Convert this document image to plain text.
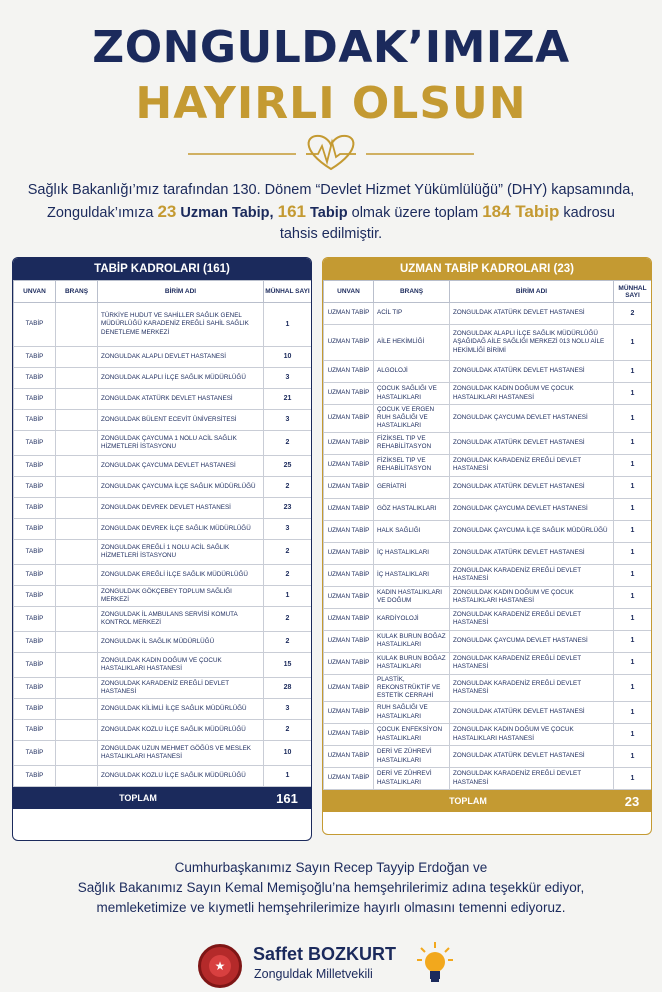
ZONGULDAK’IMIZA
HAYIRLI OLSUN
Sağlık Bakanlığı’mız tarafından 130. Dönem “Devlet Hizmet Yükümlülüğü” (DHY) kapsamında,
Zonguldak’ımıza 23 Uzman Tabip, 161 Tabip olmak üzere toplam 184 Tabip kadrosu
tahsis edilmiştir.
TABİP KADROLARI (161)
UNVAN	BRANŞ	BİRİM ADI	MÜNHAL SAYI
TABİP		TÜRKİYE HUDUT VE SAHİLLER SAĞLIK GENEL MÜDÜRLÜĞÜ KARADENİZ EREĞLİ SAHİL SAĞLIK DENETLEME MERKEZİ	1
TABİP		ZONGULDAK ALAPLI DEVLET HASTANESİ	10
TABİP		ZONGULDAK ALAPLI İLÇE SAĞLIK MÜDÜRLÜĞÜ	3
TABİP		ZONGULDAK ATATÜRK DEVLET HASTANESİ	21
TABİP		ZONGULDAK BÜLENT ECEVİT ÜNİVERSİTESİ	3
TABİP		ZONGULDAK ÇAYCUMA 1 NOLU ACİL SAĞLIK HİZMETLERİ İSTASYONU	2
TABİP		ZONGULDAK ÇAYCUMA DEVLET HASTANESİ	25
TABİP		ZONGULDAK ÇAYCUMA İLÇE SAĞLIK MÜDÜRLÜĞÜ	2
TABİP		ZONGULDAK DEVREK DEVLET HASTANESİ	23
TABİP		ZONGULDAK DEVREK İLÇE SAĞLIK MÜDÜRLÜĞÜ	3
TABİP		ZONGULDAK EREĞLİ 1 NOLU ACİL SAĞLIK HİZMETLERİ İSTASYONU	2
TABİP		ZONGULDAK EREĞLİ İLÇE SAĞLIK MÜDÜRLÜĞÜ	2
TABİP		ZONGULDAK GÖKÇEBEY TOPLUM SAĞLIĞI MERKEZİ	1
TABİP		ZONGULDAK İL AMBULANS SERVİSİ KOMUTA KONTROL MERKEZİ	2
TABİP		ZONGULDAK İL SAĞLIK MÜDÜRLÜĞÜ	2
TABİP		ZONGULDAK KADIN DOĞUM VE ÇOCUK HASTALIKLARI HASTANESİ	15
TABİP		ZONGULDAK KARADENİZ EREĞLİ DEVLET HASTANESİ	28
TABİP		ZONGULDAK KİLİMLİ İLÇE SAĞLIK MÜDÜRLÜĞÜ	3
TABİP		ZONGULDAK KOZLU İLÇE SAĞLIK MÜDÜRLÜĞÜ	2
TABİP		ZONGULDAK UZUN MEHMET GÖĞÜS VE MESLEK HASTALIKLARI HASTANESİ	10
TABİP		ZONGULDAK KOZLU İLÇE SAĞLIK MÜDÜRLÜĞÜ	1
TOPLAM	161
UZMAN TABİP KADROLARI (23)
UNVAN	BRANŞ	BİRİM ADI	MÜNHAL SAYI
UZMAN TABİP	ACİL TIP	ZONGULDAK ATATÜRK DEVLET HASTANESİ	2
UZMAN TABİP	AİLE HEKİMLİĞİ	ZONGULDAK ALAPLI İLÇE SAĞLIK MÜDÜRLÜĞÜ AŞAĞIDAĞ AİLE SAĞLIĞI MERKEZİ 013 NOLU AİLE HEKİMLİĞİ BİRİMİ	1
UZMAN TABİP	ALGOLOJİ	ZONGULDAK ATATÜRK DEVLET HASTANESİ	1
UZMAN TABİP	ÇOCUK SAĞLIĞI VE HASTALIKLARI	ZONGULDAK KADIN DOĞUM VE ÇOCUK HASTALIKLARI HASTANESİ	1
UZMAN TABİP	ÇOCUK VE ERGEN RUH SAĞLIĞI VE HASTALIKLARI	ZONGULDAK ÇAYCUMA DEVLET HASTANESİ	1
UZMAN TABİP	FİZİKSEL TIP VE REHABİLİTASYON	ZONGULDAK ATATÜRK DEVLET HASTANESİ	1
UZMAN TABİP	FİZİKSEL TIP VE REHABİLİTASYON	ZONGULDAK KARADENİZ EREĞLİ DEVLET HASTANESİ	1
UZMAN TABİP	GERİATRİ	ZONGULDAK ATATÜRK DEVLET HASTANESİ	1
UZMAN TABİP	GÖZ HASTALIKLARI	ZONGULDAK ÇAYCUMA DEVLET HASTANESİ	1
UZMAN TABİP	HALK SAĞLIĞI	ZONGULDAK ÇAYCUMA İLÇE SAĞLIK MÜDÜRLÜĞÜ	1
UZMAN TABİP	İÇ HASTALIKLARI	ZONGULDAK ATATÜRK DEVLET HASTANESİ	1
UZMAN TABİP	İÇ HASTALIKLARI	ZONGULDAK KARADENİZ EREĞLİ DEVLET HASTANESİ	1
UZMAN TABİP	KADIN HASTALIKLARI VE DOĞUM	ZONGULDAK KADIN DOĞUM VE ÇOCUK HASTALIKLARI HASTANESİ	1
UZMAN TABİP	KARDİYOLOJİ	ZONGULDAK KARADENİZ EREĞLİ DEVLET HASTANESİ	1
UZMAN TABİP	KULAK BURUN BOĞAZ HASTALIKLARI	ZONGULDAK ÇAYCUMA DEVLET HASTANESİ	1
UZMAN TABİP	KULAK BURUN BOĞAZ HASTALIKLARI	ZONGULDAK KARADENİZ EREĞLİ DEVLET HASTANESİ	1
UZMAN TABİP	PLASTİK, REKONSTRÜKTİF VE ESTETİK CERRAHİ	ZONGULDAK KARADENİZ EREĞLİ DEVLET HASTANESİ	1
UZMAN TABİP	RUH SAĞLIĞI VE HASTALIKLARI	ZONGULDAK ATATÜRK DEVLET HASTANESİ	1
UZMAN TABİP	ÇOCUK ENFEKSİYON HASTALIKLARI	ZONGULDAK KADIN DOĞUM VE ÇOCUK HASTALIKLARI HASTANESİ	1
UZMAN TABİP	DERİ VE ZÜHREVİ HASTALIKLARI	ZONGULDAK ATATÜRK DEVLET HASTANESİ	1
UZMAN TABİP	DERİ VE ZÜHREVİ HASTALIKLARI	ZONGULDAK KARADENİZ EREĞLİ DEVLET HASTANESİ	1
TOPLAM	23
Cumhurbaşkanımız Sayın Recep Tayyip Erdoğan ve
Sağlık Bakanımız Sayın Kemal Memişoğlu’na hemşehrilerimiz adına teşekkür ediyor,
memleketimize ve kıymetli hemşehrilerimize hayırlı olmasını temenni ediyoruz.
★
Saffet BOZKURT
Zonguldak Milletvekili
